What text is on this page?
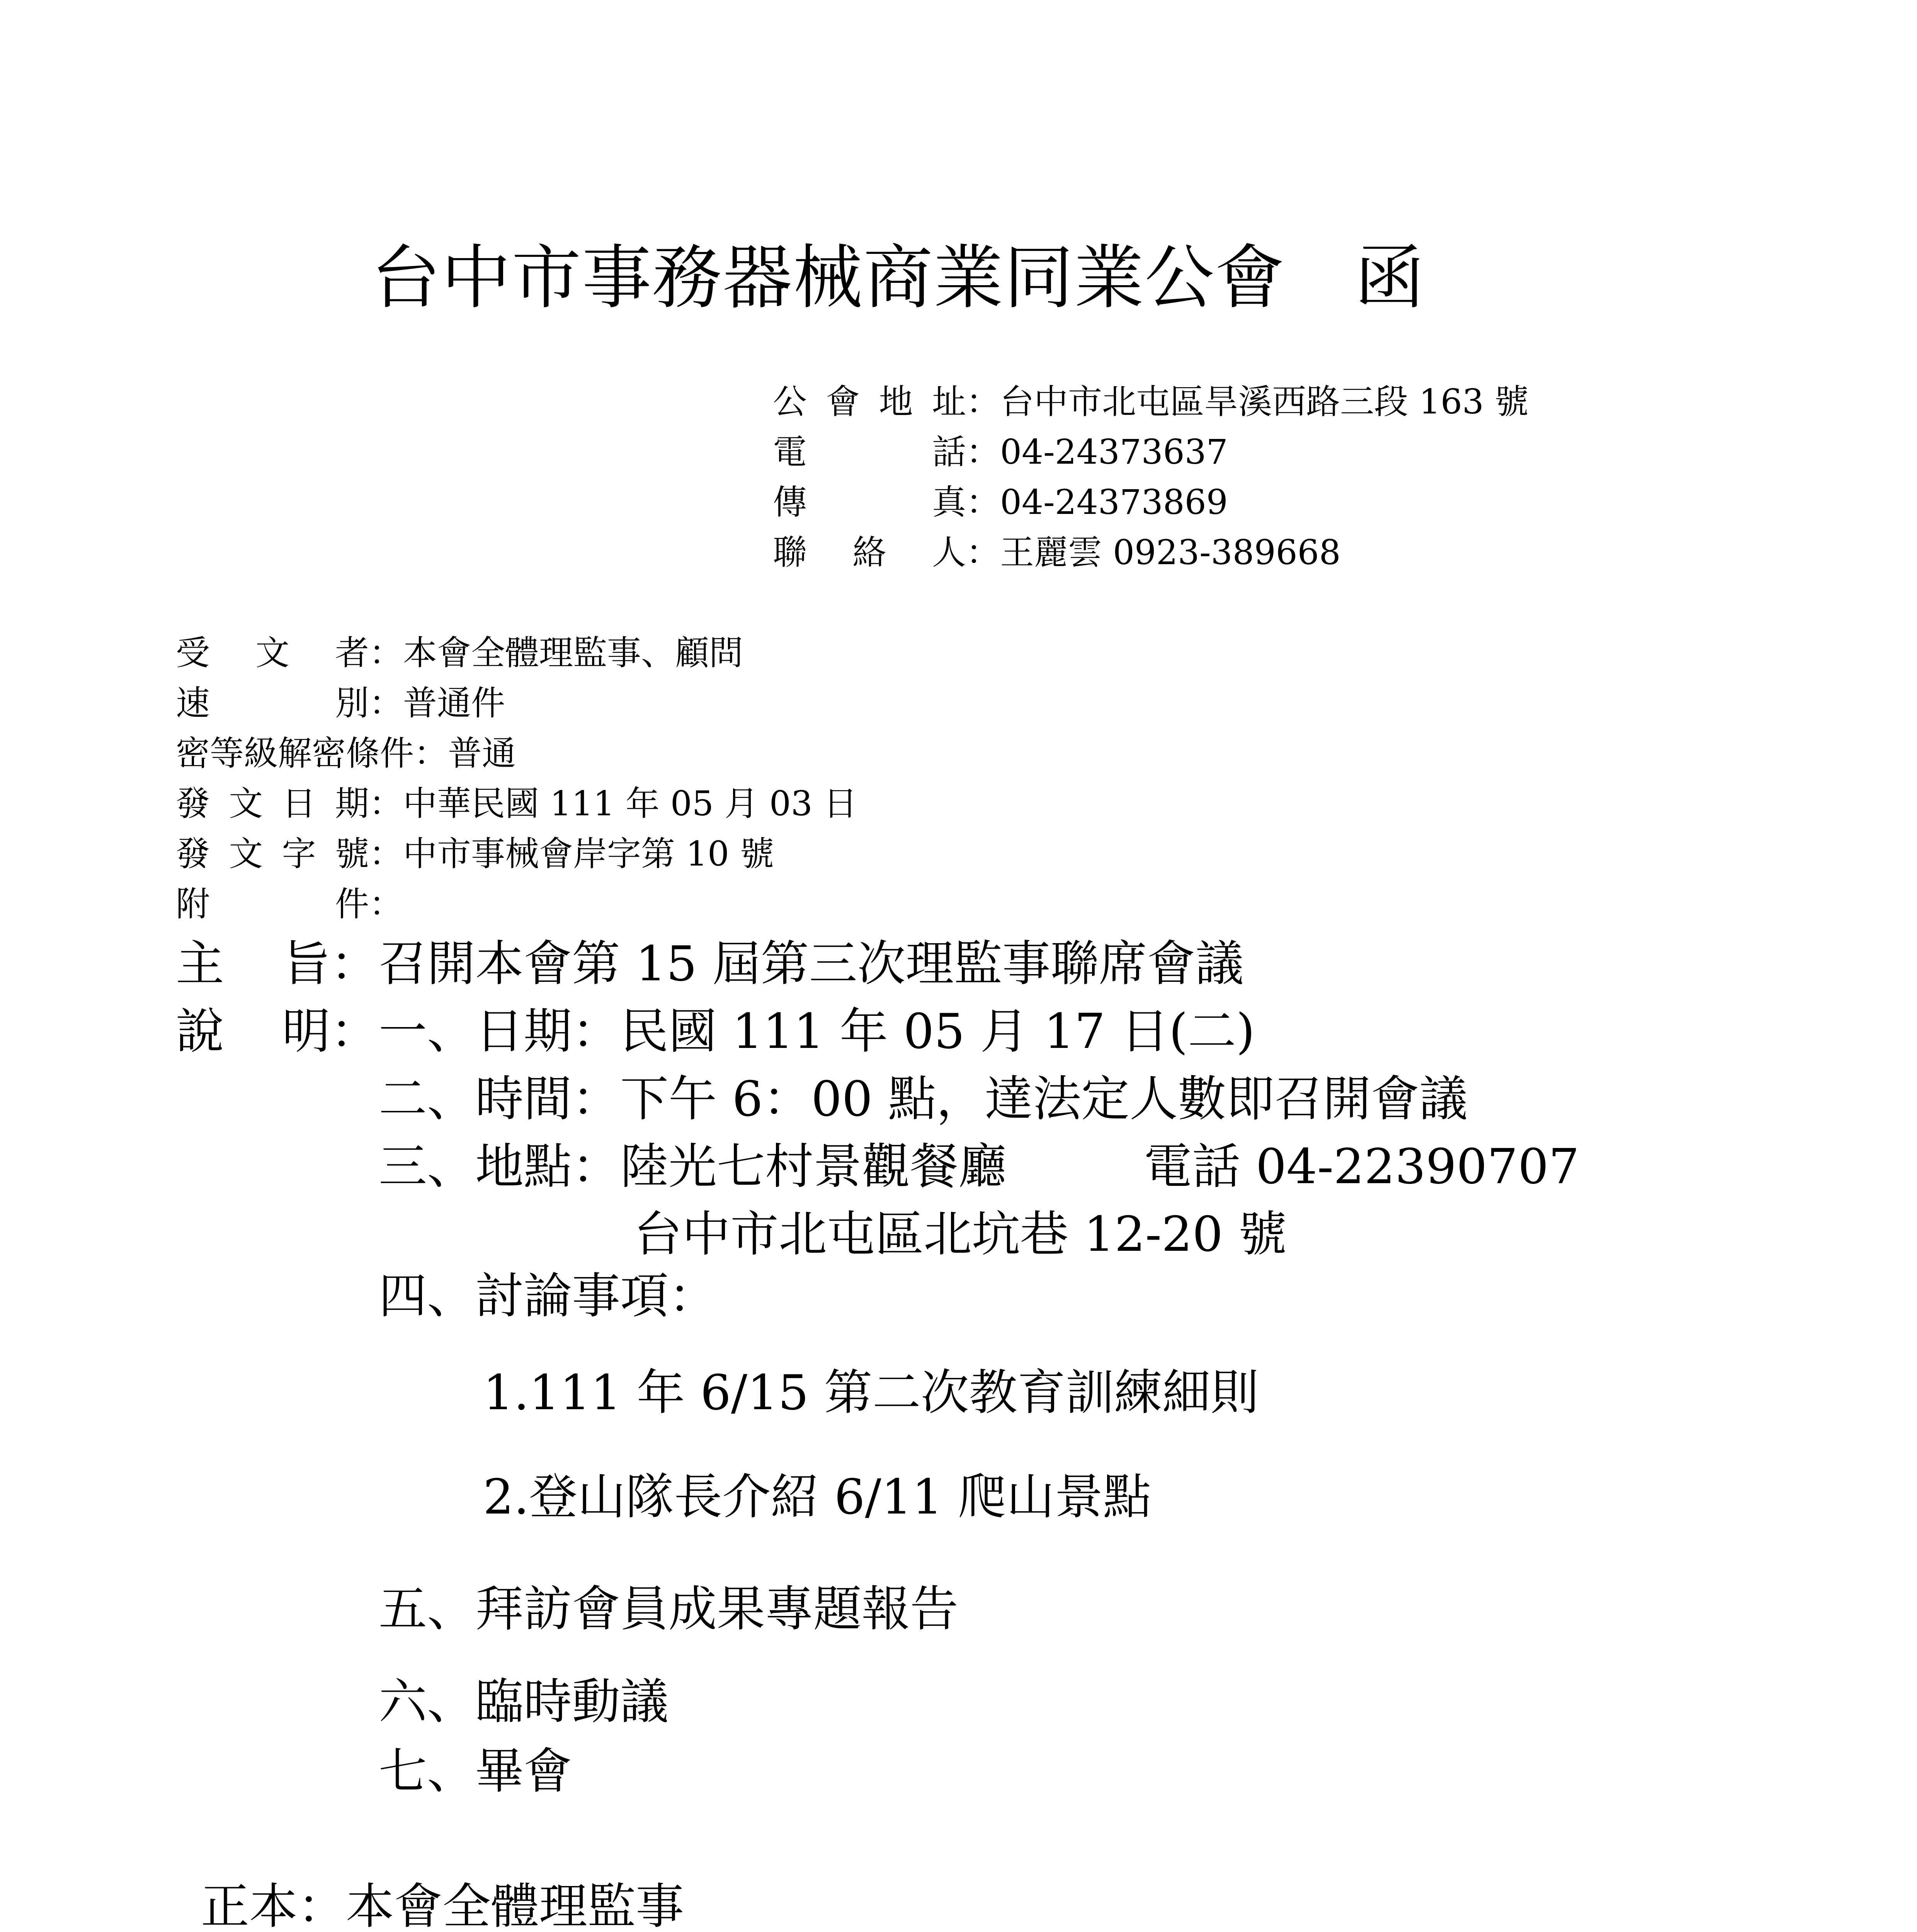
台中市事務器械商業同業公會 函
公會地址：台中市北屯區旱溪西路三段 163 號
電　　話：04-24373637
傳　　真：04-24373869
聯 絡 人：王麗雲 0923-389668
受 文 者：本會全體理監事、顧問
速　　別：普通件
密等級解密條件：普通
發文日期：中華民國 111 年 05 月 03 日
發文字號：中市事械會岸字第 10 號
附　　件：
主　旨：召開本會第 15 屆第三次理監事聯席會議
說　明：一、日期：民國 111 年 05 月 17 日(二)
二、時間：下午 6：00 點，達法定人數即召開會議
三、地點：陸光七村景觀餐廳	電話 04-22390707
台中市北屯區北坑巷 12-20 號
四、討論事項：
1.111 年 6/15 第二次教育訓練細則
2.登山隊長介紹 6/11 爬山景點
五、拜訪會員成果專題報告
六、臨時動議
七、畢會
正本：本會全體理監事
